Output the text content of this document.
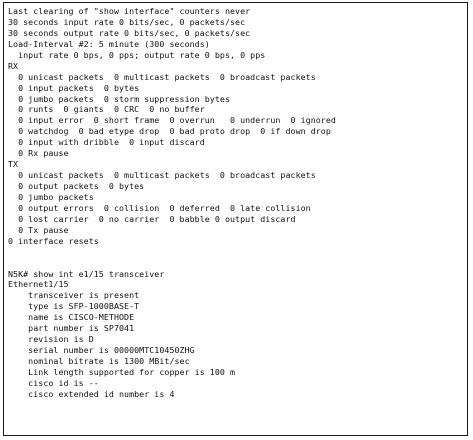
Last clearing of "show interface" counters never
30 seconds input rate 0 bits/sec, 0 packets/sec
30 seconds output rate 0 bits/sec, 0 packets/sec
Load-Interval #2: 5 minute (300 seconds)
input rate 0 bps, 0 pps; output rate 0 bps, 0 pps
RX
0 unicast packets  0 multicast packets  0 broadcast packets
0 input packets  0 bytes
0 jumbo packets  0 storm suppression bytes
0 runts  0 giants  0 CRC  0 no buffer
0 input error  0 short frame  0 overrun   0 underrun  0 ignored
0 watchdog  0 bad etype drop  0 bad proto drop  0 if down drop
0 input with dribble  0 input discard
0 Rx pause
TX
0 unicast packets  0 multicast packets  0 broadcast packets
0 output packets  0 bytes
0 jumbo packets
0 output errors  0 collision  0 deferred  0 late collision
0 lost carrier  0 no carrier  0 babble 0 output discard
0 Tx pause
0 interface resets
N5K# show int e1/15 transceiver
Ethernet1/15
transceiver is present
type is SFP-1000BASE-T
name is CISCO-METHODE
part number is SP7041
revision is D
serial number is 00000MTC10450ZHG
nominal bitrate is 1300 MBit/sec
Link length supported for copper is 100 m
cisco id is --
cisco extended id number is 4
